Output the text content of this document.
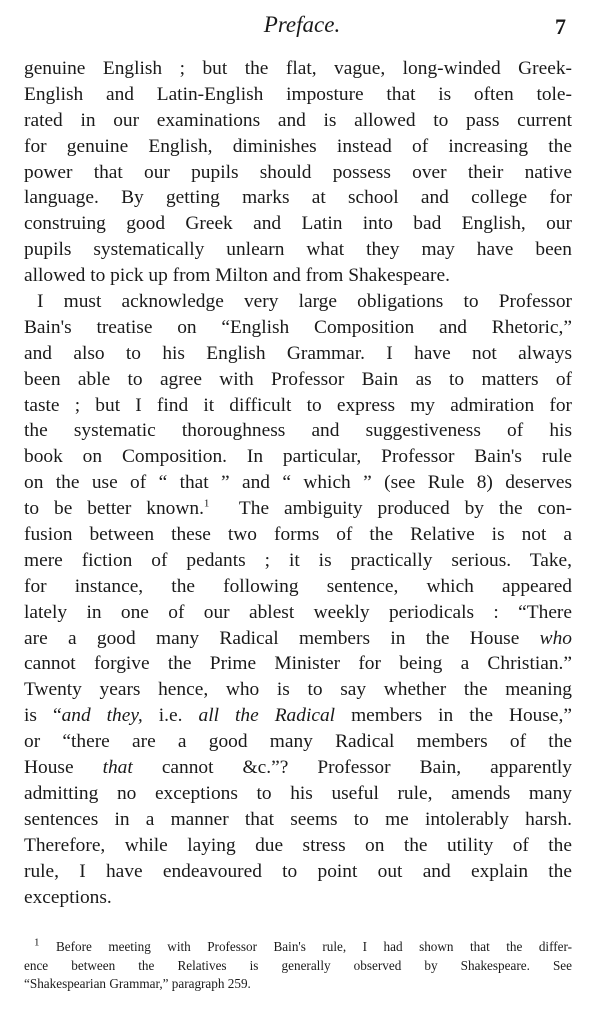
Preface.	7
genuine English ; but the flat, vague, long-winded Greek-
English and Latin-English imposture that is often tole-
rated in our examinations and is allowed to pass current
for genuine English, diminishes instead of increasing the
power that our pupils should possess over their native
language. By getting marks at school and college for
construing good Greek and Latin into bad English, our
pupils systematically unlearn what they may have been
allowed to pick up from Milton and from Shakespeare.
I must acknowledge very large obligations to Professor
Bain's treatise on “English Composition and Rhetoric,”
and also to his English Grammar. I have not always
been able to agree with Professor Bain as to matters of
taste ; but I find it difficult to express my admiration for
the systematic thoroughness and suggestiveness of his
book on Composition. In particular, Professor Bain's rule
on the use of “ that ” and “ which ” (see Rule 8) deserves
to be better known.$^1$ The ambiguity produced by the con-
fusion between these two forms of the Relative is not a
mere fiction of pedants ; it is practically serious. Take,
for instance, the following sentence, which appeared
lately in one of our ablest weekly periodicals : “There
are a good many Radical members in the House who
cannot forgive the Prime Minister for being a Christian.”
Twenty years hence, who is to say whether the meaning
is “and they, i.e. all the Radical members in the House,”
or “there are a good many Radical members of the
House that cannot &c.”? Professor Bain, apparently
admitting no exceptions to his useful rule, amends many
sentences in a manner that seems to me intolerably harsh.
Therefore, while laying due stress on the utility of the
rule, I have endeavoured to point out and explain the
exceptions.
$^1$ Before meeting with Professor Bain's rule, I had shown that the differ-
ence between the Relatives is generally observed by Shakespeare. See
“Shakespearian Grammar,” paragraph 259.
